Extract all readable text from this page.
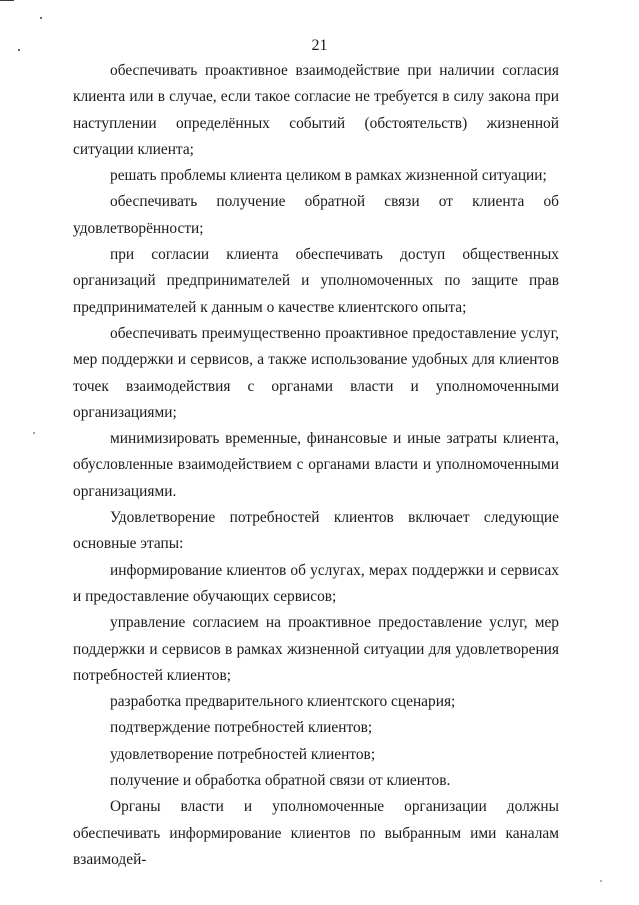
21

обеспечивать проактивное взаимодействие при наличии согласия клиента или в случае, если такое согласие не требуется в силу закона при наступлении определённых событий (обстоятельств) жизненной ситуации клиента;

решать проблемы клиента целиком в рамках жизненной ситуации;

обеспечивать получение обратной связи от клиента об удовлетворённости;

при согласии клиента обеспечивать доступ общественных организаций предпринимателей и уполномоченных по защите прав предпринимателей к данным о качестве клиентского опыта;

обеспечивать преимущественно проактивное предоставление услуг, мер поддержки и сервисов, а также использование удобных для клиентов точек взаимодействия с органами власти и уполномоченными организациями;

минимизировать временные, финансовые и иные затраты клиента, обусловленные взаимодействием с органами власти и уполномоченными организациями.

Удовлетворение потребностей клиентов включает следующие основные этапы:

информирование клиентов об услугах, мерах поддержки и сервисах и предоставление обучающих сервисов;

управление согласием на проактивное предоставление услуг, мер поддержки и сервисов в рамках жизненной ситуации для удовлетворения потребностей клиентов;

разработка предварительного клиентского сценария;

подтверждение потребностей клиентов;

удовлетворение потребностей клиентов;

получение и обработка обратной связи от клиентов.

Органы власти и уполномоченные организации должны обеспечивать информирование клиентов по выбранным ими каналам взаимодей-
